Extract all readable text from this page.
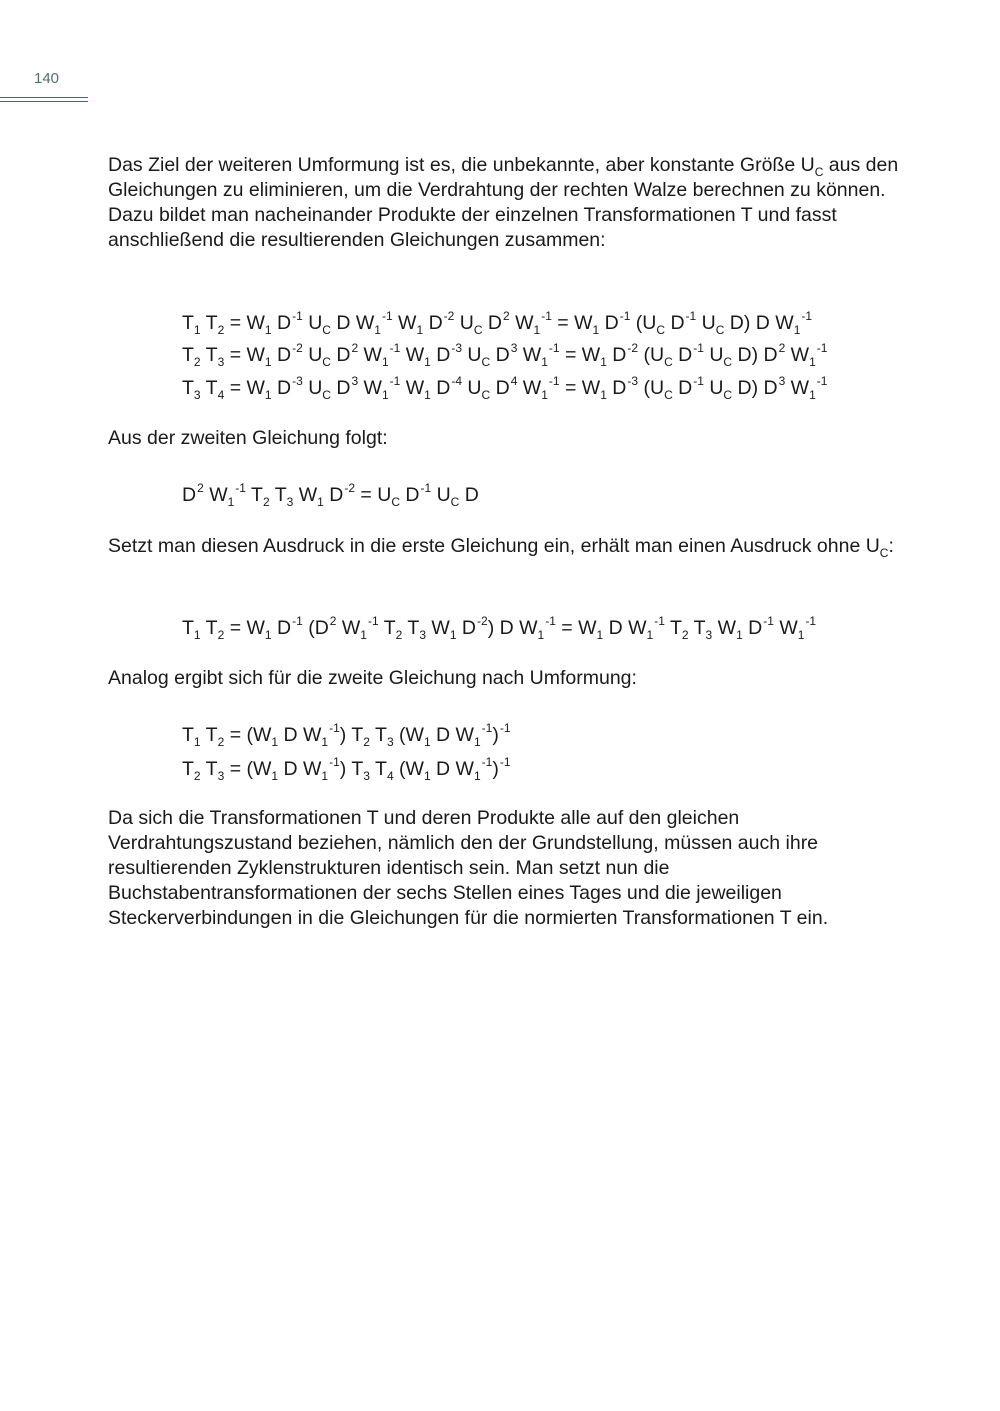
140

Das Ziel der weiteren Umformung ist es, die unbekannte, aber konstante Größe $U_C$ aus den Gleichungen zu eliminieren, um die Verdrahtung der rechten Walze berechnen zu können. Dazu bildet man nacheinander Produkte der einzelnen Transformationen T und fasst anschließend die resultierenden Gleichungen zusammen:

$T_1$ $T_2 = W_1$ $D^{-1}$ $U_C$ D $W_1^{-1}$ $W_1$ $D^{-2}$ $U_C$ $D^2$ $W_1^{-1} = W_1$ $D^{-1}$ ($U_C$ $D^{-1}$ $U_C$ D) D $W_1^{-1}$
$T_2$ $T_3 = W_1$ $D^{-2}$ $U_C$ $D^2$ $W_1^{-1}$ $W_1$ $D^{-3}$ $U_C$ $D^3$ $W_1^{-1} = W_1$ $D^{-2}$ ($U_C$ $D^{-1}$ $U_C$ D) $D^2$ $W_1^{-1}$
$T_3$ $T_4 = W_1$ $D^{-3}$ $U_C$ $D^3$ $W_1^{-1}$ $W_1$ $D^{-4}$ $U_C$ $D^4$ $W_1^{-1} = W_1$ $D^{-3}$ ($U_C$ $D^{-1}$ $U_C$ D) $D^3$ $W_1^{-1}$

Aus der zweiten Gleichung folgt:

$D^2$ $W_1^{-1}$ $T_2$ $T_3$ $W_1$ $D^{-2} = U_C$ $D^{-1}$ $U_C$ D

Setzt man diesen Ausdruck in die erste Gleichung ein, erhält man einen Ausdruck ohne $U_C$:

$T_1$ $T_2 = W_1$ $D^{-1}$ ($D^2$ $W_1^{-1}$ $T_2$ $T_3$ $W_1$ $D^{-2}$) D $W_1^{-1} = W_1$ D $W_1^{-1}$ $T_2$ $T_3$ $W_1$ $D^{-1}$ $W_1^{-1}$

Analog ergibt sich für die zweite Gleichung nach Umformung:

$T_1$ $T_2 = (W_1$ D $W_1^{-1}$) $T_2$ $T_3$ ($W_1$ D $W_1^{-1})^{-1}$
$T_2$ $T_3 = (W_1$ D $W_1^{-1}$) $T_3$ $T_4$ ($W_1$ D $W_1^{-1})^{-1}$

Da sich die Transformationen T und deren Produkte alle auf den gleichen Verdrahtungszustand beziehen, nämlich den der Grundstellung, müssen auch ihre resultierenden Zyklenstrukturen identisch sein. Man setzt nun die Buchstabentransformationen der sechs Stellen eines Tages und die jeweiligen Steckerverbindungen in die Gleichungen für die normierten Transformationen T ein.
